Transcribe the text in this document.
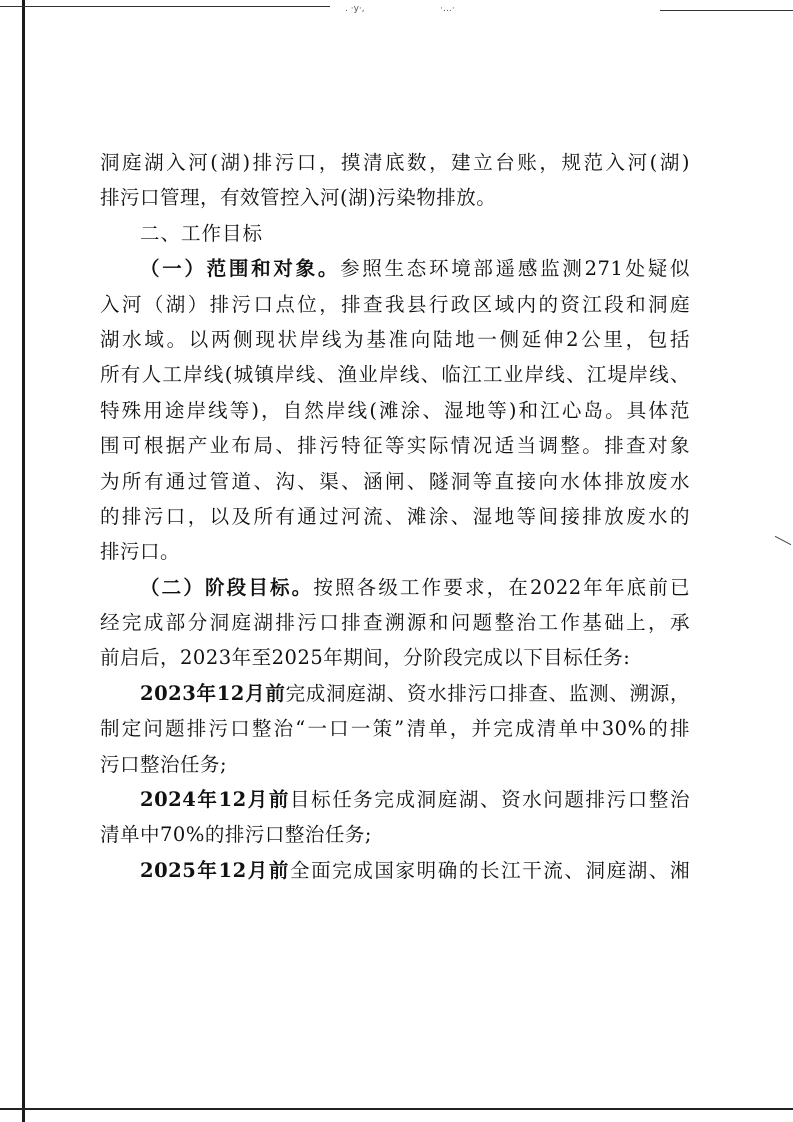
. ·y·,	·…·
洞庭湖入河(湖)排污口，摸清底数，建立台账，规范入河(湖)
排污口管理，有效管控入河(湖)污染物排放。
二、工作目标
（一）范围和对象。参照生态环境部遥感监测271处疑似
入河（湖）排污口点位，排查我县行政区域内的资江段和洞庭
湖水域。以两侧现状岸线为基准向陆地一侧延伸2公里，包括
所有人工岸线(城镇岸线、渔业岸线、临江工业岸线、江堤岸线、
特殊用途岸线等)，自然岸线(滩涂、湿地等)和江心岛。具体范
围可根据产业布局、排污特征等实际情况适当调整。排查对象
为所有通过管道、沟、渠、涵闸、隧洞等直接向水体排放废水
的排污口，以及所有通过河流、滩涂、湿地等间接排放废水的
排污口。
（二）阶段目标。按照各级工作要求，在2022年年底前已
经完成部分洞庭湖排污口排查溯源和问题整治工作基础上，承
前启后，2023年至2025年期间，分阶段完成以下目标任务:
2023年12月前完成洞庭湖、资水排污口排查、监测、溯源，
制定问题排污口整治“一口一策”清单，并完成清单中30%的排
污口整治任务;
2024年12月前目标任务完成洞庭湖、资水问题排污口整治
清单中70%的排污口整治任务;
2025年12月前全面完成国家明确的长江干流、洞庭湖、湘
